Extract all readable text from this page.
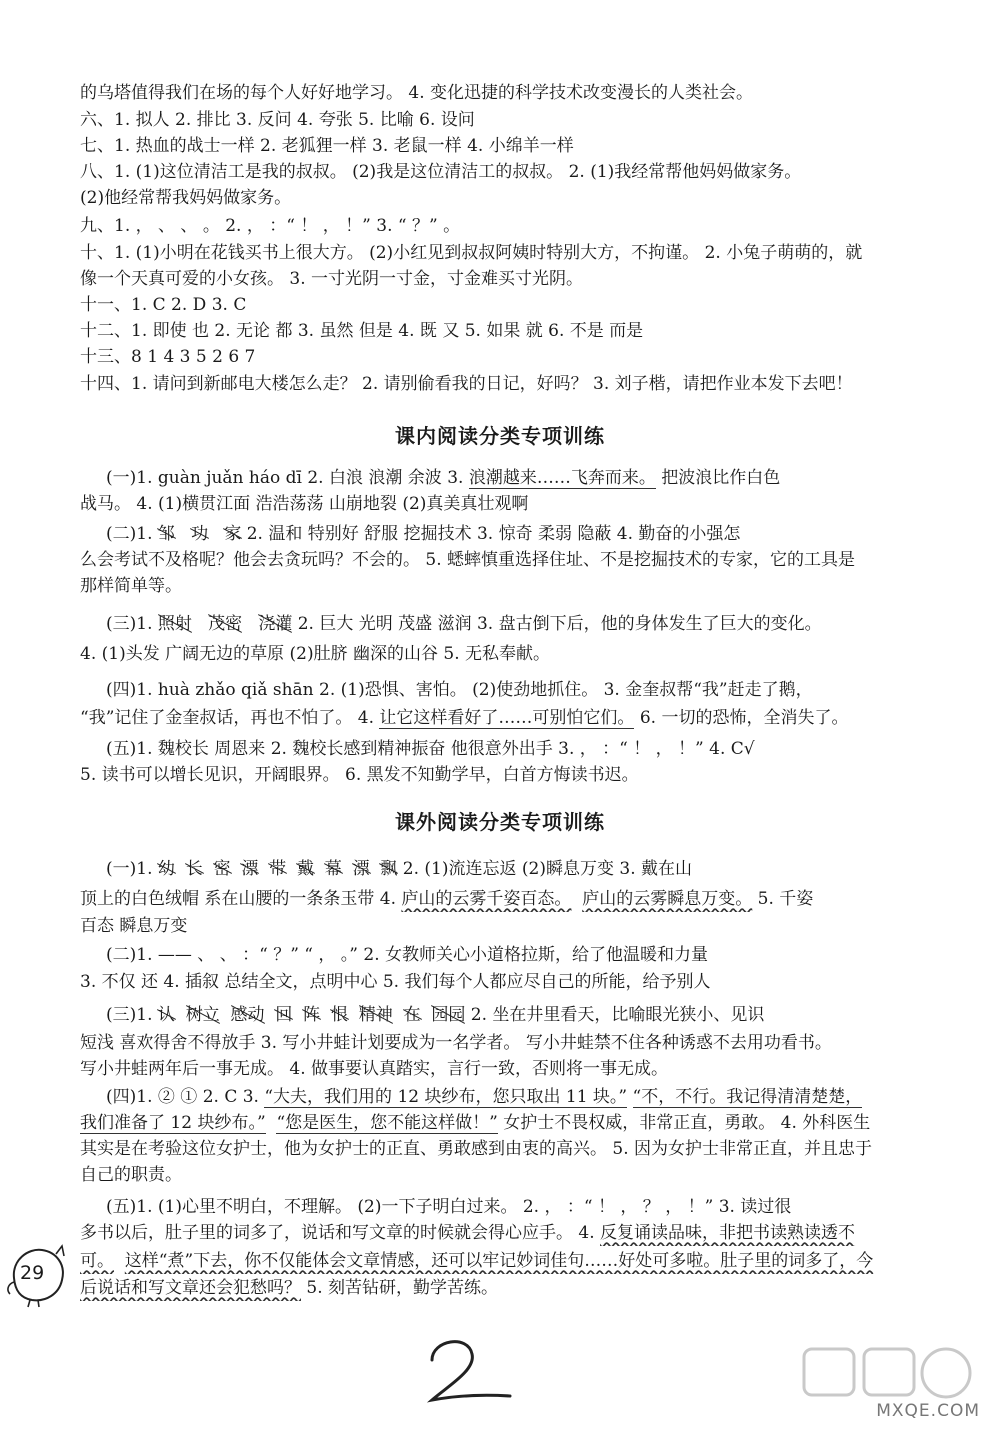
的乌塔值得我们在场的每个人好好地学习。 4. 变化迅捷的科学技术改变漫长的人类社会。
六、1. 拟人 2. 排比 3. 反问 4. 夸张 5. 比喻 6. 设问
七、1. 热血的战士一样 2. 老狐狸一样 3. 老鼠一样 4. 小绵羊一样
八、1. (1)这位清洁工是我的叔叔。 (2)我是这位清洁工的叔叔。 2. (1)我经常帮他妈妈做家务。
(2)他经常帮我妈妈做家务。
九、1. ， 、 、 。 2. ， ：“ ！ ， ！” 3. “ ？” 。
十、1. (1)小明在花钱买书上很大方。 (2)小红见到叔叔阿姨时特别大方，不拘谨。 2. 小兔子萌萌的，就
像一个天真可爱的小女孩。 3. 一寸光阴一寸金，寸金难买寸光阴。
十一、1. C 2. D 3. C
十二、1. 即使 也 2. 无论 都 3. 虽然 但是 4. 既 又 5. 如果 就 6. 不是 而是
十三、8 1 4 3 5 2 6 7
十四、1. 请问到新邮电大楼怎么走？ 2. 请别偷看我的日记，好吗？ 3. 刘子楷，请把作业本发下去吧！
课内阅读分类专项训练
(一)1. guàn juǎn háo dī 2. 白浪 浪潮 余波 3. 浪潮越来……飞奔而来。 把波浪比作白色
战马。 4. (1)横贯江面 浩浩荡荡 山崩地裂 (2)真美真壮观啊
(二)1. 邹 功 家 2. 温和 特别好 舒服 挖掘技术 3. 惊奇 柔弱 隐蔽 4. 勤奋的小强怎
么会考试不及格呢？他会去贪玩吗？不会的。 5. 蟋蟀慎重选择住址、不是挖掘技术的专家，它的工具是
那样简单等。
(三)1. 照射 茂密 浇灌 2. 巨大 光明 茂盛 滋润 3. 盘古倒下后，他的身体发生了巨大的变化。
4. (1)头发 广阔无边的草原 (2)肚脐 幽深的山谷 5. 无私奉献。
(四)1. huà zhǎo qiǎ shān 2. (1)恐惧、害怕。 (2)使劲地抓住。 3. 金奎叔帮“我”赶走了鹅，
“我”记住了金奎叔话，再也不怕了。 4. 让它这样看好了……可别怕它们。 6. 一切的恐怖，全消失了。
(五)1. 魏校长 周恩来 2. 魏校长感到精神振奋 他很意外出手 3. ， ：“ ！ ， ！” 4. C√
5. 读书可以增长见识，开阔眼界。 6. 黑发不知勤学早，白首方悔读书迟。
课外阅读分类专项训练
(一)1. 幼 长 密 漂 带 戴 幕 漂 飘 2. (1)流连忘返 (2)瞬息万变 3. 戴在山
顶上的白色绒帽 系在山腰的一条条玉带 4. 庐山的云雾千姿百态。 庐山的云雾瞬息万变。 5. 千姿
百态 瞬息万变
(二)1. —— 、 、 ：“ ？” “ ， 。” 2. 女教师关心小道格拉斯，给了他温暖和力量
3. 不仅 还 4. 插叙 总结全文，点明中心 5. 我们每个人都应尽自己的所能，给予别人
(三)1. 认 树立 感动 回 阵 恨 精神 在 园园 2. 坐在井里看天，比喻眼光狭小、见识
短浅 喜欢得舍不得放手 3. 写小井蛙计划要成为一名学者。 写小井蛙禁不住各种诱惑不去用功看书。
写小井蛙两年后一事无成。 4. 做事要认真踏实，言行一致，否则将一事无成。
(四)1. ② ① 2. C 3. “大夫，我们用的 12 块纱布，您只取出 11 块。” “不，不行。我记得清清楚楚，
我们准备了 12 块纱布。” “您是医生，您不能这样做！” 女护士不畏权威，非常正直，勇敢。 4. 外科医生
其实是在考验这位女护士，他为女护士的正直、勇敢感到由衷的高兴。 5. 因为女护士非常正直，并且忠于
自己的职责。
(五)1. (1)心里不明白，不理解。 (2)一下子明白过来。 2. ， ：“ ！ ， ？ ， ！” 3. 读过很
多书以后，肚子里的词多了，说话和写文章的时候就会得心应手。 4. 反复诵读品味，非把书读熟读透不
可。 这样“煮”下去，你不仅能体会文章情感，还可以牢记妙词佳句……好处可多啦。肚子里的词多了，今
后说话和写文章还会犯愁吗？ 5. 刻苦钻研，勤学苦练。
29
MXQE.COM
